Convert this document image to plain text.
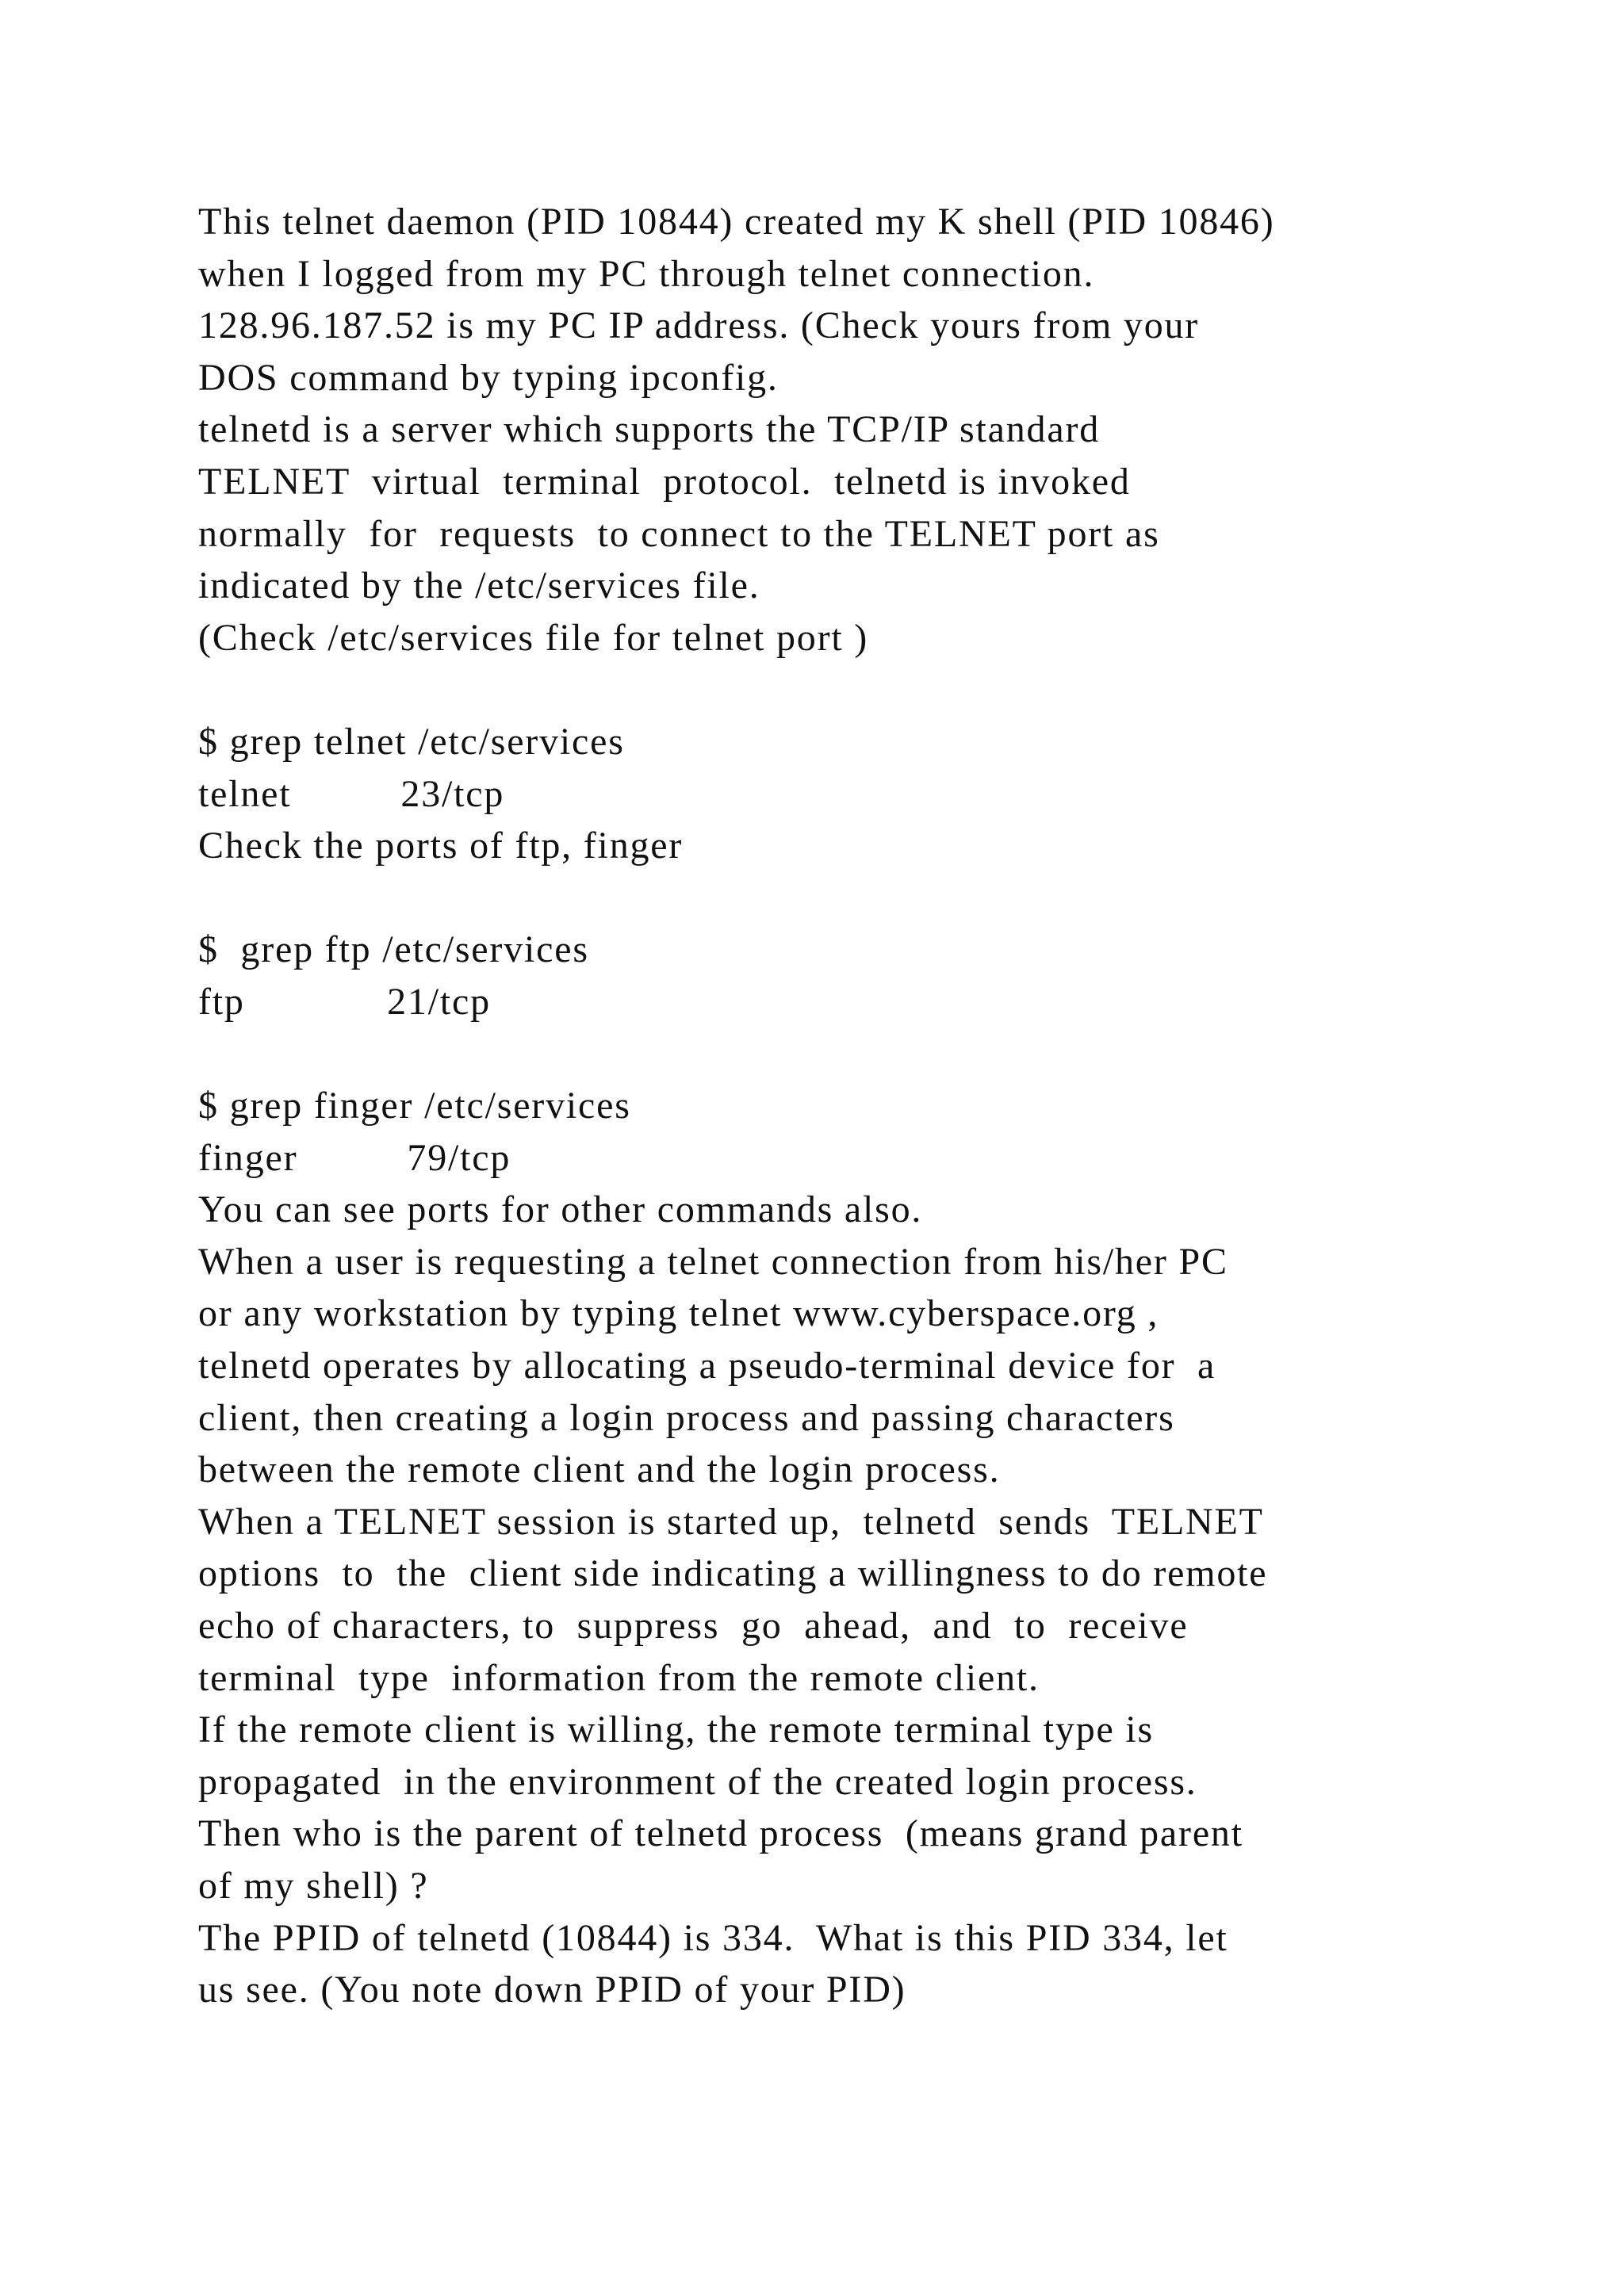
This telnet daemon (PID 10844) created my K shell (PID 10846)
when I logged from my PC through telnet connection.
128.96.187.52 is my PC IP address. (Check yours from your
DOS command by typing ipconfig.
telnetd is a server which supports the TCP/IP standard
TELNET  virtual  terminal  protocol.  telnetd is invoked
normally  for  requests  to connect to the TELNET port as
indicated by the /etc/services file.
(Check /etc/services file for telnet port )
$ grep telnet /etc/services
telnet          23/tcp
Check the ports of ftp, finger
$  grep ftp /etc/services
ftp             21/tcp
$ grep finger /etc/services
finger          79/tcp
You can see ports for other commands also.
When a user is requesting a telnet connection from his/her PC
or any workstation by typing telnet www.cyberspace.org ,
telnetd operates by allocating a pseudo-terminal device for  a
client, then creating a login process and passing characters
between the remote client and the login process.
When a TELNET session is started up,  telnetd  sends  TELNET
options  to  the  client side indicating a willingness to do remote
echo of characters, to  suppress  go  ahead,  and  to  receive
terminal  type  information from the remote client.
If the remote client is willing, the remote terminal type is
propagated  in the environment of the created login process.
Then who is the parent of telnetd process  (means grand parent
of my shell) ?
The PPID of telnetd (10844) is 334.  What is this PID 334, let
us see. (You note down PPID of your PID)
